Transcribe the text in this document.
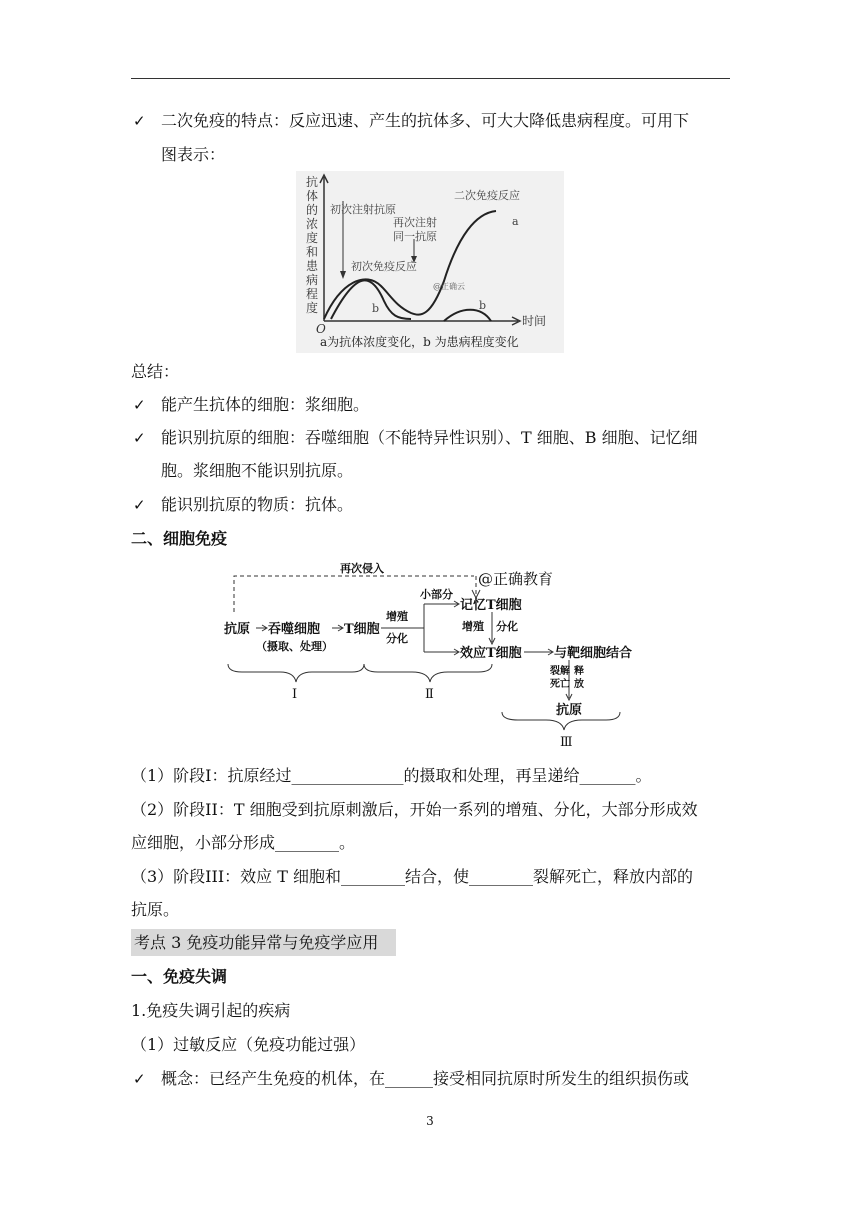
✓ 二次免疫的特点：反应迅速、产生的抗体多、可大大降低患病程度。可用下
图表示：
抗
体
的
浓
度
和
患
病
程
度
O
时间
初次注射抗原
再次注射
同一抗原
初次免疫反应
二次免疫反应
a
b	b
@正确云
a为抗体浓度变化，b 为患病程度变化
总结：
✓ 能产生抗体的细胞：浆细胞。
✓ 能识别抗原的细胞：吞噬细胞（不能特异性识别）、T 细胞、B 细胞、记忆细
胞。浆细胞不能识别抗原。
✓ 能识别抗原的物质：抗体。
二、细胞免疫
再次侵入
@正确教育
抗原 吞噬细胞
（摄取、处理）
T细胞
增殖
分化
小部分
记忆T细胞
增殖 分化
效应T细胞 与靶细胞结合
裂解
死亡
释
放
抗原
Ⅰ	Ⅱ
Ⅲ
（1）阶段I：抗原经过______________的摄取和处理，再呈递给_______。
（2）阶段II：T 细胞受到抗原刺激后，开始一系列的增殖、分化，大部分形成效
应细胞，小部分形成________。
（3）阶段III：效应 T 细胞和________结合，使________裂解死亡，释放内部的
抗原。
考点 3 免疫功能异常与免疫学应用
一、免疫失调
1.免疫失调引起的疾病
（1）过敏反应（免疫功能过强）
✓ 概念：已经产生免疫的机体，在______接受相同抗原时所发生的组织损伤或
3
